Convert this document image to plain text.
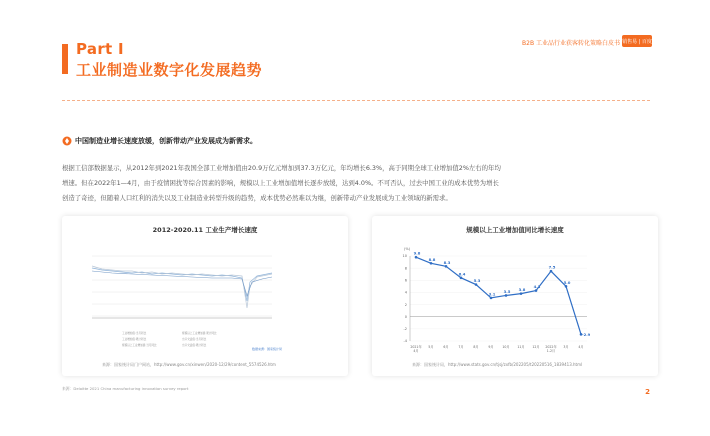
Part I
工业制造业数字化发展趋势
B2B 工业品行业获客转化策略白皮书 销售易 | 百度
中国制造业增长速度放缓，创新带动产业发展成为新需求。
根据工信部数据显示，从2012年到2021年我国全部工业增加值由20.9万亿元增加到37.3万亿元，年均增长6.3%，高于同期全球工业增加值2%左右的年均
增速。但在2022年1—4月，由于疫情困扰等综合因素的影响，规模以上工业增加值增长逐步放缓，达到4.0%。不可否认，过去中国工业的成本优势为增长
创造了奇迹，但随着人口红利的消失以及工业制造业转型升级的趋势，成本优势必然难以为继，创新带动产业发展成为工业领域的新需求。
2012-2020.11 工业生产增长速度
工业增加值:当月同比
工业增加值:累计同比
规模以上工业增加值:当月同比
规模以上工业增加值:累计同比
出口交货值:当月同比
出口交货值:累计同比
数据来源：国家统计局
来源：国家统计局门户网站，http://www.gov.cn/xinwen/2020-12/29/content_5574526.htm
规模以上工业增加值同比增长速度
(%)
10
8
6
4
2
0
-2
-4
9.8
2021年
4月
8.8
5月
8.3
6月
6.4
7月
5.3
8月
3.1
9月
3.5
10月
3.8
11月
4.3
12月
7.5
2022年
1-2月
5.0
3月
-2.9
4月
来源：国家统计局，http://www.stats.gov.cn/tjsj/zxfb/202205/t20220516_1839413.html
来源：Deloitte 2021 China manufacturing innovation survey report	2
